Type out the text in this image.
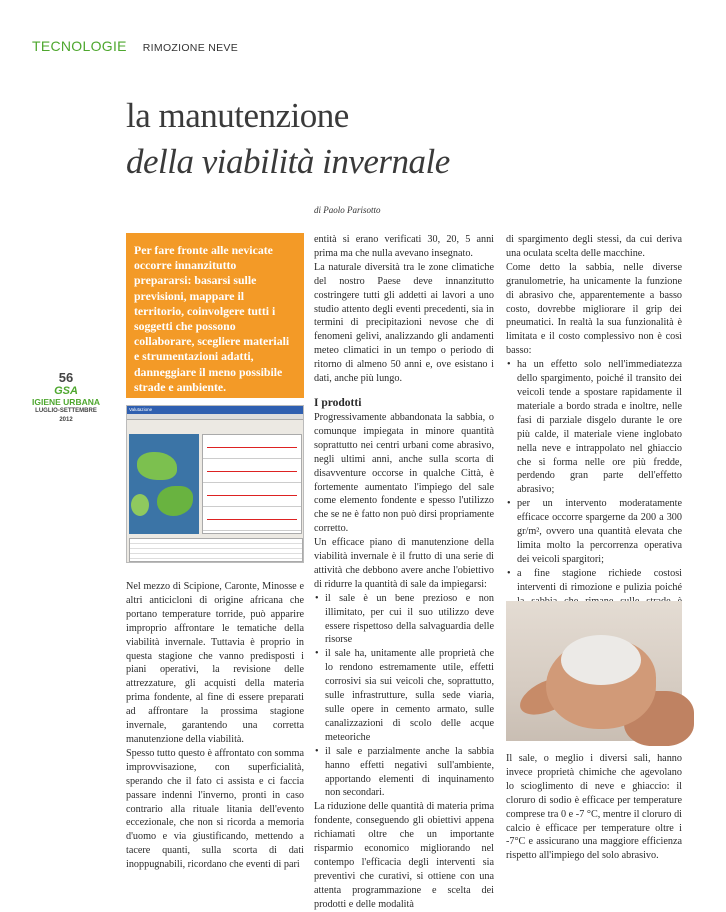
TECNOLOGIE RIMOZIONE NEVE
la manutenzione
della viabilità invernale
di Paolo Parisotto
Per fare fronte alle nevicate occorre innanzitutto prepararsi: basarsi sulle previsioni, mappare il territorio, coinvolgere tutti i soggetti che possono collaborare, scegliere materiali e strumentazioni adatti, danneggiare il meno possibile strade e ambiente.
56
GSA
IGIENE URBANA
LUGLIO-SETTEMBRE 2012
Valutazione

Nel mezzo di Scipione, Caronte, Minosse e altri anticicloni di origine africana che portano temperature torride, può apparire improprio affrontare le tematiche della viabilità invernale. Tuttavia è proprio in questa stagione che vanno predisposti i piani operativi, la revisione delle attrezzature, gli acquisti della materia prima fondente, al fine di essere preparati ad affrontare la prossima stagione invernale, garantendo una corretta manutenzione della viabilità.

Spesso tutto questo è affrontato con somma improvvisazione, con superficialità, sperando che il fato ci assista e ci faccia passare indenni l'inverno, pronti in caso contrario alla rituale litania dell'evento eccezionale, che non si ricorda a memoria d'uomo e via giustificando, mettendo a tacere quanti, sulla scorta di dati inoppugnabili, ricordano che eventi di pari

entità si erano verificati 30, 20, 5 anni prima ma che nulla avevano insegnato.

La naturale diversità tra le zone climatiche del nostro Paese deve innanzitutto costringere tutti gli addetti ai lavori a uno studio attento degli eventi precedenti, sia in termini di precipitazioni nevose che di fenomeni gelivi, analizzando gli andamenti meteo climatici in un tempo o periodo di ritorno di almeno 50 anni e, ove esistano i dati, anche più lungo.

I prodotti

Progressivamente abbandonata la sabbia, o comunque impiegata in minore quantità soprattutto nei centri urbani come abrasivo, negli ultimi anni, anche sulla scorta di disavventure occorse in qualche Città, è fortemente aumentato l'impiego del sale come elemento fondente e spesso l'utilizzo che se ne è fatto non può dirsi propriamente corretto.

Un efficace piano di manutenzione della viabilità invernale è il frutto di una serie di attività che debbono avere anche l'obiettivo di ridurre la quantità di sale da impiegarsi:

• il sale è un bene prezioso e non illimitato, per cui il suo utilizzo deve essere rispettoso della salvaguardia delle risorse
• il sale ha, unitamente alle proprietà che lo rendono estremamente utile, effetti corrosivi sia sui veicoli che, soprattutto, sulle infrastrutture, sulla sede viaria, sulle opere in cemento armato, sulle canalizzazioni di scolo delle acque meteoriche
• il sale e parzialmente anche la sabbia hanno effetti negativi sull'ambiente, apportando elementi di inquinamento non secondari.

La riduzione delle quantità di materia prima fondente, conseguendo gli obiettivi appena richiamati oltre che un importante risparmio economico migliorando nel contempo l'efficacia degli interventi sia preventivi che curativi, si ottiene con una attenta programmazione e scelta dei prodotti e delle modalità

di spargimento degli stessi, da cui deriva una oculata scelta delle macchine.

Come detto la sabbia, nelle diverse granulometrie, ha unicamente la funzione di abrasivo che, apparentemente a basso costo, dovrebbe migliorare il grip dei pneumatici. In realtà la sua funzionalità è limitata e il costo complessivo non è così basso:

• ha un effetto solo nell'immediatezza dello spargimento, poiché il transito dei veicoli tende a spostare rapidamente il materiale a bordo strada e inoltre, nelle fasi di parziale disgelo durante le ore più calde, il materiale viene inglobato nella neve e intrappolato nel ghiaccio che si forma nelle ore più fredde, perdendo gran parte dell'effetto abrasivo;
• per un intervento moderatamente efficace occorre spargerne da 200 a 300 gr/m², ovvero una quantità elevata che limita molto la percorrenza operativa dei veicoli spargitori;
• a fine stagione richiede costosi interventi di rimozione e pulizia poiché

Il sale, o meglio i diversi sali, hanno invece proprietà chimiche che agevolano lo scioglimento di neve e ghiaccio: il cloruro di sodio è efficace per temperature comprese tra 0 e -7 °C, mentre il cloruro di calcio è efficace per temperature oltre i -7°C e assicurano una maggiore efficienza rispetto all'impiego del solo abrasivo.
